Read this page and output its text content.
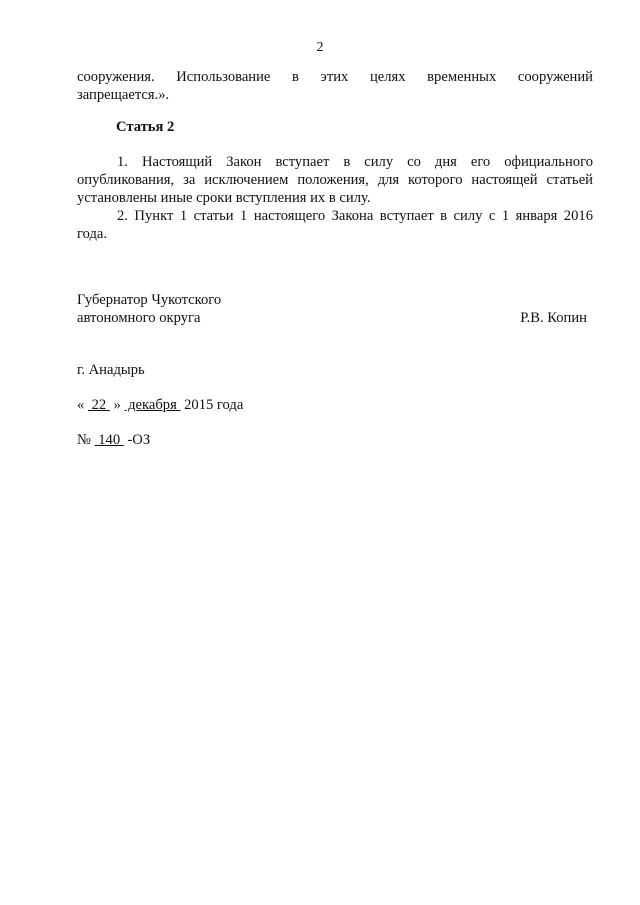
2
сооружения. Использование в этих целях временных сооружений
запрещается.».
Статья 2
1. Настоящий Закон вступает в силу со дня его официального
опубликования, за исключением положения, для которого настоящей статьей
установлены иные сроки вступления их в силу.
2. Пункт 1 статьи 1 настоящего Закона вступает в силу с 1 января 2016
года.
Губернатор Чукотского
автономного округа	Р.В. Копин
г. Анадырь
«  22  »  декабря  2015 года
№  140  -ОЗ
